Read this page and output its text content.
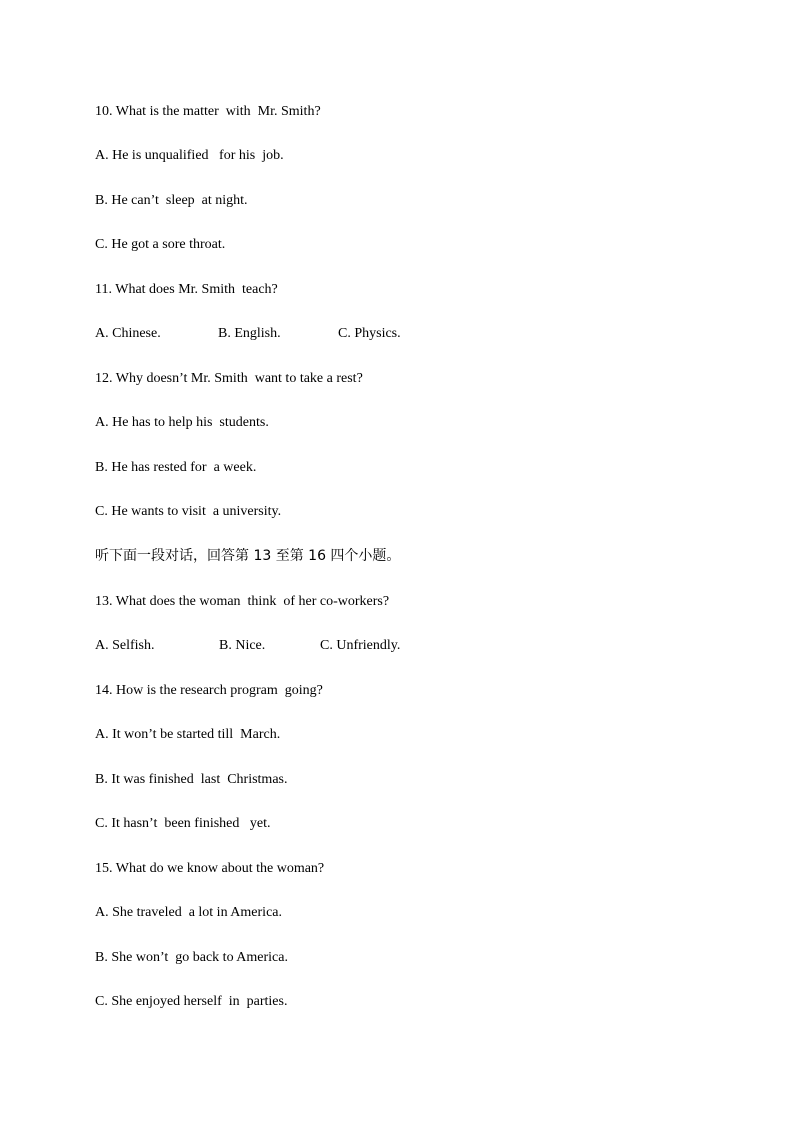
10. What is the matter  with  Mr. Smith?
A. He is unqualified   for his  job.
B. He can’t  sleep  at night.
C. He got a sore throat.
11. What does Mr. Smith  teach?
A. Chinese.	B. English.	C. Physics.
12. Why doesn’t Mr. Smith  want to take a rest?
A. He has to help his  students.
B. He has rested for  a week.
C. He wants to visit  a university.
听下面一段对话，回答第 13 至第 16 四个小题。
13. What does the woman  think  of her co-workers?
A. Selfish.	B. Nice.	C. Unfriendly.
14. How is the research program  going?
A. It won’t be started till  March.
B. It was finished  last  Christmas.
C. It hasn’t  been finished   yet.
15. What do we know about the woman?
A. She traveled  a lot in America.
B. She won’t  go back to America.
C. She enjoyed herself  in  parties.
